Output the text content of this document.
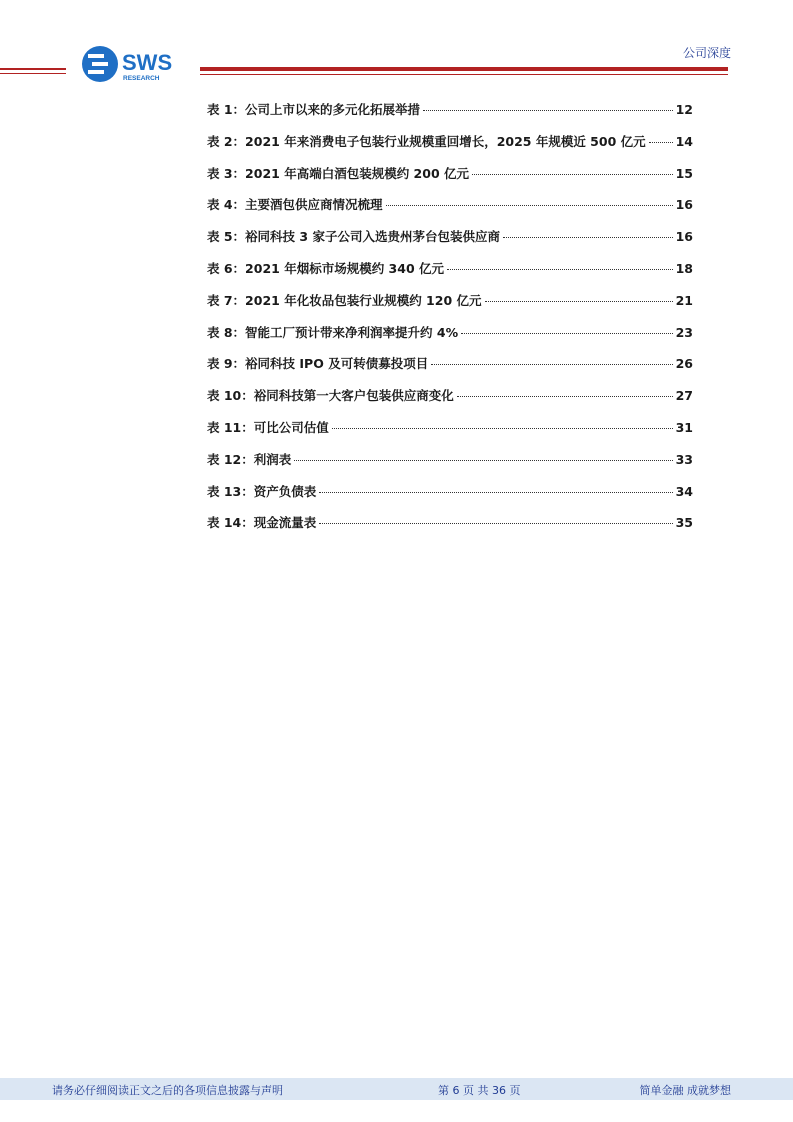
SWS
RESEARCH
公司深度
表 1：公司上市以来的多元化拓展举措	12
表 2：2021 年来消费电子包装行业规模重回增长，2025 年规模近 500 亿元 14
表 3：2021 年高端白酒包装规模约 200 亿元	15
表 4：主要酒包供应商情况梳理	16
表 5：裕同科技 3 家子公司入选贵州茅台包装供应商	16
表 6：2021 年烟标市场规模约 340 亿元	18
表 7：2021 年化妆品包装行业规模约 120 亿元	21
表 8：智能工厂预计带来净利润率提升约 4%	23
表 9：裕同科技 IPO 及可转债募投项目	26
表 10：裕同科技第一大客户包装供应商变化	27
表 11：可比公司估值	31
表 12：利润表	33
表 13：资产负债表	34
表 14：现金流量表	35
请务必仔细阅读正文之后的各项信息披露与声明	第 6 页 共 36 页	简单金融 成就梦想
